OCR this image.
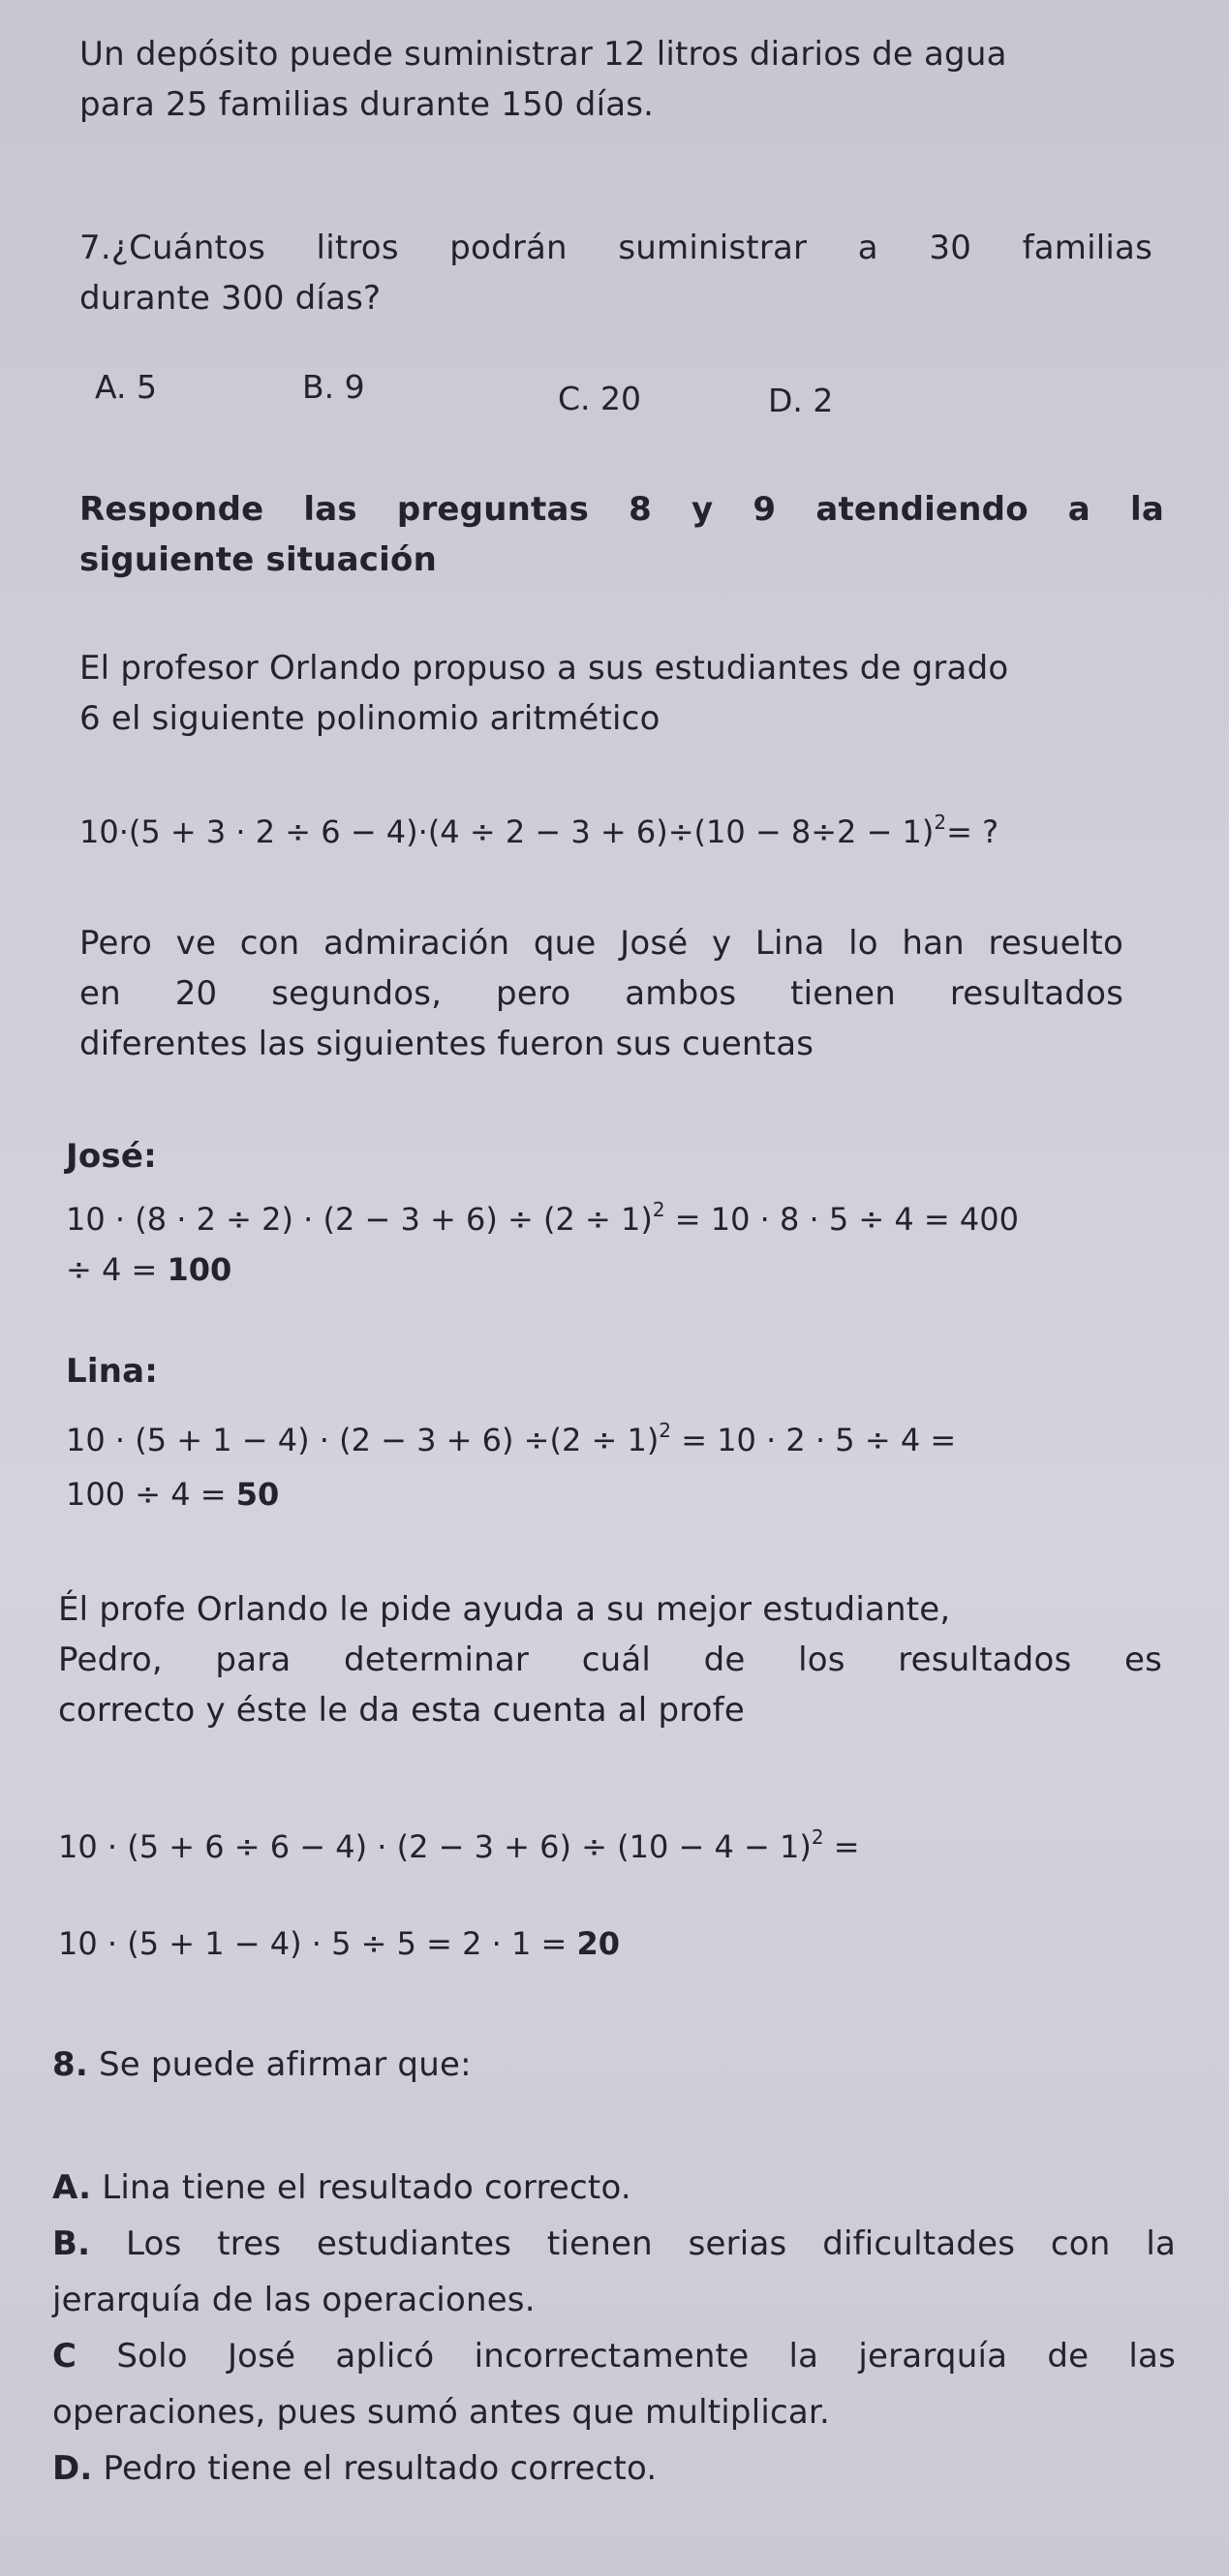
Un depósito puede suministrar 12 litros diarios de agua
para 25 familias durante 150 días.
7.¿Cuántos litros podrán suministrar a 30 familias
durante 300 días?
A. 5	B. 9	C. 20	D. 2
Responde las preguntas 8 y 9 atendiendo a la
siguiente situación
El profesor Orlando propuso a sus estudiantes de grado
6 el siguiente polinomio aritmético
$10\cdot(5 + 3 \cdot 2 \div 6 - 4)\cdot(4 \div 2 - 3 + 6)\div(10 - 8\div 2 - 1)^2=$ ?
Pero ve con admiración que José y Lina lo han resuelto
en 20 segundos, pero ambos tienen resultados
diferentes las siguientes fueron sus cuentas
José:
$10 \cdot (8 \cdot 2 \div 2) \cdot (2 - 3 + 6) \div (2 \div 1)^2 = 10 \cdot 8 \cdot 5 \div 4 = 400$
÷ 4 = 100
Lina:
$10 \cdot (5 + 1 - 4) \cdot (2 - 3 + 6) \div(2 \div 1)^2 = 10 \cdot 2 \cdot 5 \div 4$ =
100 ÷ 4 = 50
Él profe Orlando le pide ayuda a su mejor estudiante,
Pedro, para determinar cuál de los resultados es
correcto y éste le da esta cuenta al profe
$10 \cdot (5 + 6 \div 6 - 4) \cdot (2 - 3 + 6) \div (10 - 4 - 1)^2$ =
10 · (5 + 1 − 4) · 5 ÷ 5 = 2 · 1 = 20
8. Se puede afirmar que:
A. Lina tiene el resultado correcto.
B. Los tres estudiantes tienen serias dificultades con la
jerarquía de las operaciones.
C Solo José aplicó incorrectamente la jerarquía de las
operaciones, pues sumó antes que multiplicar.
D. Pedro tiene el resultado correcto.
